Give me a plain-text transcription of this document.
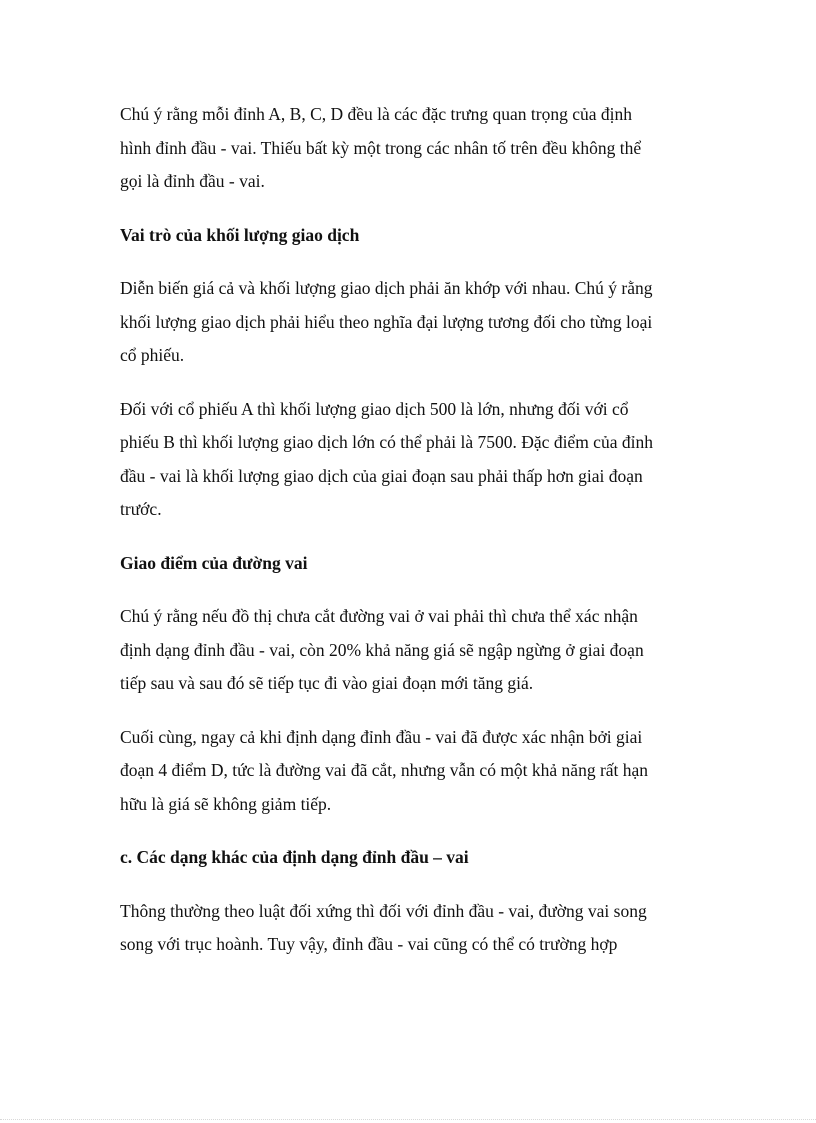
Chú ý rằng mỗi đỉnh A, B, C, D đều là các đặc trưng quan trọng của định
hình đỉnh đầu - vai. Thiếu bất kỳ một trong các nhân tố trên đều không thể
gọi là đỉnh đầu - vai.

Vai trò của khối lượng giao dịch

Diễn biến giá cả và khối lượng giao dịch phải ăn khớp với nhau. Chú ý rằng
khối lượng giao dịch phải hiểu theo nghĩa đại lượng tương đối cho từng loại
cổ phiếu.

Đối với cổ phiếu A thì khối lượng giao dịch 500 là lớn, nhưng đối với cổ
phiếu B thì khối lượng giao dịch lớn có thể phải là 7500. Đặc điểm của đỉnh
đầu - vai là khối lượng giao dịch của giai đoạn sau phải thấp hơn giai đoạn
trước.

Giao điểm của đường vai

Chú ý rằng nếu đồ thị chưa cắt đường vai ở vai phải thì chưa thể xác nhận
định dạng đỉnh đầu - vai, còn 20% khả năng giá sẽ ngập ngừng ở giai đoạn
tiếp sau và sau đó sẽ tiếp tục đi vào giai đoạn mới tăng giá.

Cuối cùng, ngay cả khi định dạng đỉnh đầu - vai đã được xác nhận bởi giai
đoạn 4 điểm D, tức là đường vai đã cắt, nhưng vẫn có một khả năng rất hạn
hữu là giá sẽ không giảm tiếp.

c. Các dạng khác của định dạng đỉnh đầu – vai

Thông thường theo luật đối xứng thì đối với đỉnh đầu - vai, đường vai song
song với trục hoành. Tuy vậy, đỉnh đầu - vai cũng có thể có trường hợp
